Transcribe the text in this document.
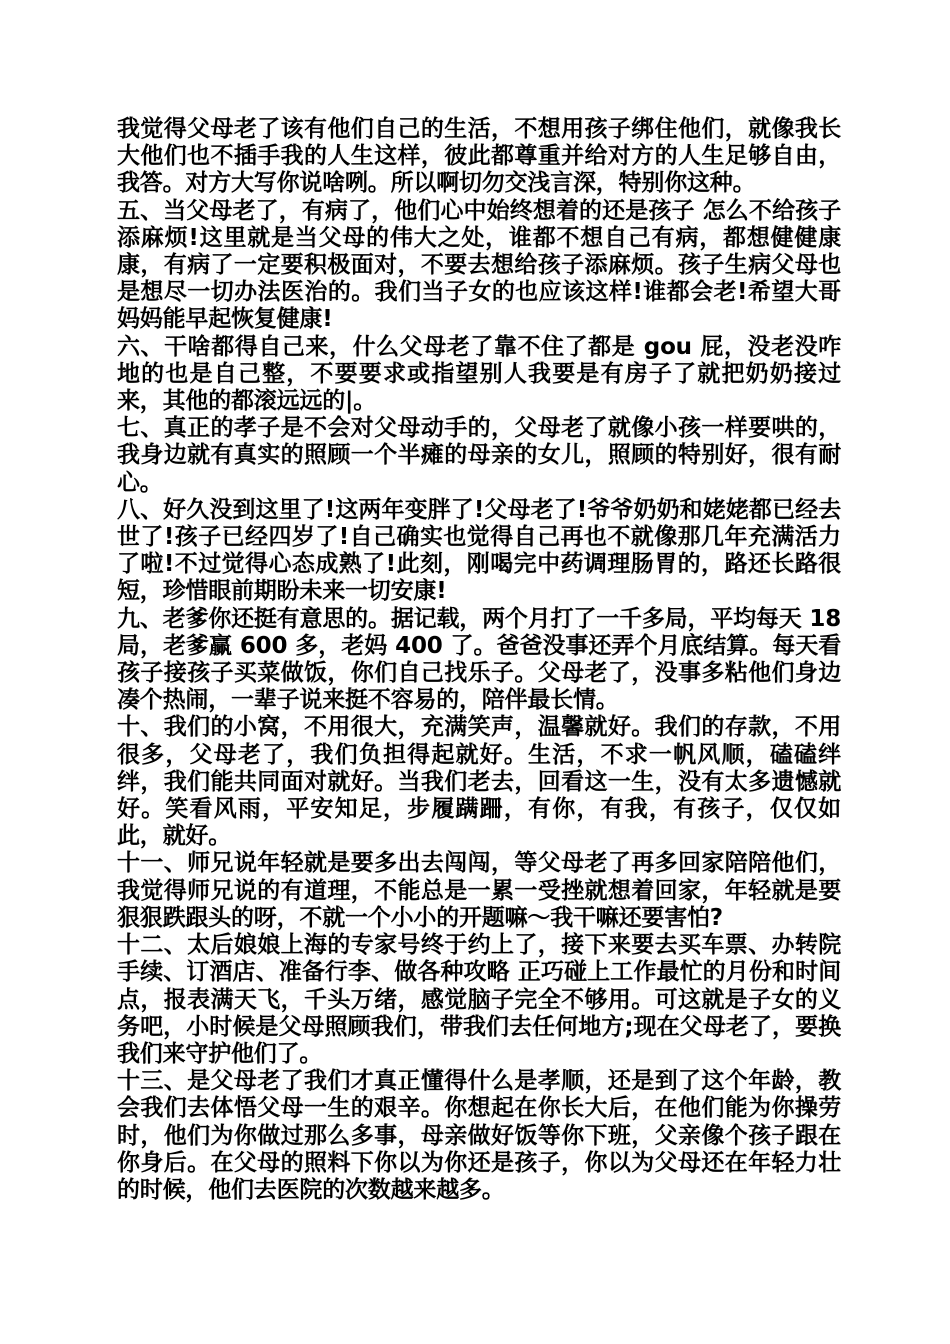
我觉得父母老了该有他们自己的生活，不想用孩子绑住他们，就像我长大他们也不插手我的人生这样，彼此都尊重并给对方的人生足够自由，我答。对方大写你说啥咧。所以啊切勿交浅言深，特别你这种。

五、当父母老了，有病了，他们心中始终想着的还是孩子 怎么不给孩子添麻烦!这里就是当父母的伟大之处，谁都不想自己有病，都想健健康康，有病了一定要积极面对，不要去想给孩子添麻烦。孩子生病父母也是想尽一切办法医治的。我们当子女的也应该这样!谁都会老!希望大哥妈妈能早起恢复健康!

六、干啥都得自己来，什么父母老了靠不住了都是 gou 屁，没老没咋地的也是自己整，不要要求或指望别人我要是有房子了就把奶奶接过来，其他的都滚远远的|。

七、真正的孝子是不会对父母动手的，父母老了就像小孩一样要哄的，我身边就有真实的照顾一个半瘫的母亲的女儿，照顾的特别好，很有耐心。

八、好久没到这里了!这两年变胖了!父母老了!爷爷奶奶和姥姥都已经去世了!孩子已经四岁了!自己确实也觉得自己再也不就像那几年充满活力了啦!不过觉得心态成熟了!此刻，刚喝完中药调理肠胃的，路还长路很短，珍惜眼前期盼未来一切安康!

九、老爹你还挺有意思的。据记载，两个月打了一千多局，平均每天 18 局，老爹赢 600 多，老妈 400 了。爸爸没事还弄个月底结算。每天看孩子接孩子买菜做饭，你们自己找乐子。父母老了，没事多粘他们身边凑个热闹，一辈子说来挺不容易的，陪伴最长情。

十、我们的小窝，不用很大，充满笑声，温馨就好。我们的存款，不用很多，父母老了，我们负担得起就好。生活，不求一帆风顺，磕磕绊绊，我们能共同面对就好。当我们老去，回看这一生，没有太多遗憾就好。笑看风雨，平安知足，步履蹒跚，有你，有我，有孩子，仅仅如此，就好。

十一、师兄说年轻就是要多出去闯闯，等父母老了再多回家陪陪他们，我觉得师兄说的有道理，不能总是一累一受挫就想着回家，年轻就是要狠狠跌跟头的呀，不就一个小小的开题嘛～我干嘛还要害怕?

十二、太后娘娘上海的专家号终于约上了，接下来要去买车票、办转院手续、订酒店、准备行李、做各种攻略 正巧碰上工作最忙的月份和时间点，报表满天飞，千头万绪，感觉脑子完全不够用。可这就是子女的义务吧，小时候是父母照顾我们，带我们去任何地方;现在父母老了，要换我们来守护他们了。

十三、是父母老了我们才真正懂得什么是孝顺，还是到了这个年龄，教会我们去体悟父母一生的艰辛。你想起在你长大后，在他们能为你操劳时，他们为你做过那么多事，母亲做好饭等你下班，父亲像个孩子跟在你身后。在父母的照料下你以为你还是孩子，你以为父母还在年轻力壮的时候，他们去医院的次数越来越多。
